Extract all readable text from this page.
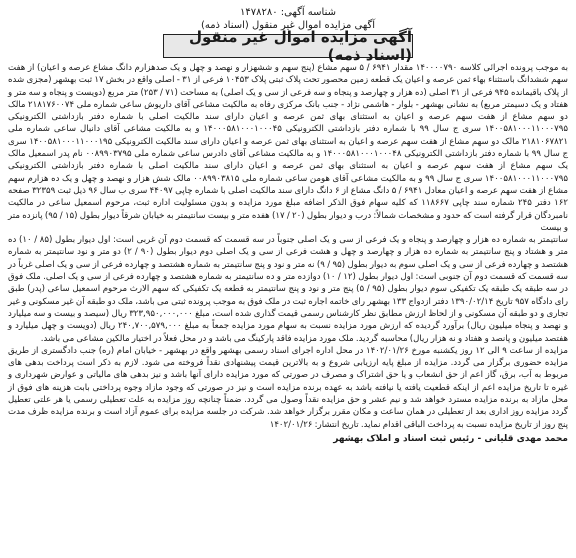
شناسه آگهی: ۱۴۷۸۲۸۰
آگهی مزایده اموال غیر منقول (اسناد ذمه)
آگهی مزایده اموال غیر منقول (اسناد ذمه)

به موجب پرونده اجرائی کلاسه ۱۴۰۰۰۰۷۹۰ مقدار ۶۹۴۱ / ۵ سهم مشاع (پنج سهم و ششهزار و نهصد و چهل و یک صدهزارم دانگ مشاع عرصه و اعیان) از هفت سهم ششدانگ باستثناء بهاء ثمن عرصه و اعیان یک قطعه زمین محصور تحت پلاک ثبتی پلاک ۱۰۴۵۳ فرعی از ۳۱ - اصلی واقع در بخش ۱۷ ثبت بهشهر (مجزی شده از پلاک باقیمانده ۹۴۵ فرعی از ۳۱ اصلی (ده هزار و چهارصد و پنجاه و سه فرعی از سی و یک اصلی) به مساحت (۷۱ / ۲۵۳) متر مربع (دویست و پنجاه و سه متر و هفتاد و یک دسیمتر مربع) به نشانی بهشهر - بلوار - هاشمی نژاد - جنب بانک مرکزی رفاه به مالکیت مشاعی آقای داریوش ساعی شماره ملی ۲۱۸۱۷۶۰۰۷۴ مالک دو سهم مشاع از هفت سهم عرصه و اعیان به استثنای بهای ثمن عرصه و اعیان دارای سند مالکیت اصلی با شماره دفتر بازداشتی الکترونیکی ۱۴۰۰۵۸۱۰۰۰۱۱۰۰۰۷۹۵ سری ج سال ۹۹ با شماره دفتر بازداشتی الکترونیکی ۱۴۰۰۰۵۸۱۰۰۰۱۰۰۰۴۵ و به مالکیت مشاعی آقای دانیال ساعی شماره ملی ۲۱۸۱۰۶۷۸۲۱ مالک دو سهم مشاع از هفت سهم عرصه و اعیان به استثنای بهای ثمن عرصه و اعیان دارای سند مالکیت الکترونیکی ۱۴۰۰۵۸۱۰۰۰۱۱۰۰۰۱۹۵ سری ج سال ۹۹ با شماره دفتر بازداشتی الکترونیکی ۱۴۰۰۰۵۸۱۰۰۰۱۰۰۰۴۸ و به مالکیت مشاعی آقای دادرس ساعی شماره ملی ۰۰۸۹۹۰۳۷۹۵ نام پدر اسمعیل مالک یک سهم مشاع از هفت سهم عرصه و اعیان به استثنای بهای ثمن عرصه و اعیان دارای سند مالکیت اصلی با شماره دفتر بازداشتی الکترونیکی ۱۴۰۰۵۸۱۰۰۰۱۱۰۰۰۷۹۵ سری ج سال ۹۹ و به مالکیت مشاعی آقای هومن ساعی شماره ملی ۰۰۸۹۹۰۳۸۱۵ مالک شش هزار و نهصد و چهل و یک ده هزارم سهم مشاع از هفت سهم عرصه و اعیان معادل ۶۹۴۱ / ۵ دانگ مشاع از ۶ دانگ دارای سند مالکیت اصلی با شماره چاپی ۴۴۰۹۷ سری ب سال ۹۶ ذیل ثبت ۳۲۳۵۹ صفحه ۱۶۲ دفتر ۲۴۵ شماره سند چاپی ۱۱۸۶۶۷ که کلیه سهام فوق الذکر اضافه مبلغ مورد مزایده و بدون مسئولیت اداره ثبت، مرحوم اسمعیل ساعی در مالکیت نامبردگان قرار گرفته است که حدود و مشخصات شمالاً: درب و دیوار بطول (۲۰ / ۱۷) هفده متر و بیست سانتیمتر به خیابان شرقاً دیوار بطول (۱۵ / ۹۵) پانزده متر و بیست

سانتیمتر به شماره ده هزار و چهارصد و پنجاه و یک فرعی از سی و یک اصلی جنوباً در سه قسمت که قسمت دوم آن غربی است: اول دیوار بطول (۸۵ / ۱۰) ده متر و هشتاد و پنج سانتیمتر به شماره ده هزار و چهارصد و چهل و هشت فرعی از سی و یک اصلی دوم دیوار بطول (۹۰ / ۲) دو متر و نود سانتیمتر به شماره هشتصد و چهارده فرعی از سی و یک اصلی سوم به دیوار بطول (۹۵ / ۹) نه متر و نود و پنج سانتیمتر به شماره هشتصد و چهارده فرعی از سی و یک اصلی غرباً در سه قسمت که قسمت دوم آن جنوبی است: اول دیوار بطول (۱۲ / ۱۰) دوازده متر و ده سانتیمتر به شماره هشتصد و چهارده فرعی از سی و یک اصلی. ملک فوق در سه طبقه یک طبقه یک تکفیکی سوم دیوار بطول (۹۵ / ۵) پنج متر و نود و پنج سانتیمتر به قطعه یک تکفیکی که سهم الارث مرحوم اسمعیل ساعی (پدر) طبق رای دادگاه ۹۵۷ تاریخ ۱۳۹۰/۰۲/۱۴ دفتر ازدواج ۱۳۳ بهشهر رای خاتمه اجاره ثبت در ملک فوق به موجب پرونده ثبتی می باشد، ملک دو طبقه آن غیر مسکونی و غیر تجاری و دو طبقه آن مسکونی و از لحاظ ارزش مطابق نظر کارشناس رسمی قیمت گذاری شده است، مبلغ ۳۲۳,۹۵۰,۰۰۰,۰۰۰ ریال (سیصد و بیست و سه میلیارد و نهصد و پنجاه میلیون ریال) برآورد گردیده که ارزش مورد مزایده نسبت به سهام مورد مزایده جمعاً به مبلغ ۲۴۰,۷۰۰,۵۷۹,۰۰۰ ریال (دویست و چهل میلیارد و هفتصد میلیون و پانصد و هفتاد و نه هزار ریال) محاسبه گردید. ملک مورد مزایده فاقد پارکینگ می باشد و در محل فعلاً در اختیار مالکین مشاعی می باشد.

مزایده از ساعت ۹ الی ۱۲ روز یکشنبه مورخ ۱۴۰۲/۰۱/۲۶ در محل اداره اجرای اسناد رسمی بهشهر واقع در بهشهر - خیابان امام (ره) جنب دادگستری از طریق مزایده حضوری برگزار می گردد. مزایده از مبلغ پایه ارزیابی شروع و به بالاترین قیمت پیشنهادی نقداً فروخته می شود. لازم به ذکر است پرداخت بدهی های مربوط به آب، برق، گاز اعم از حق انشعاب و یا حق اشتراک و مصرف در صورتی که مورد مزایده دارای آنها باشد و نیز بدهی های مالیاتی و عوارض شهرداری و غیره تا تاریخ مزایده اعم از اینکه قطعیت یافته یا نیافته باشد به عهده برنده مزایده است و نیز در صورتی که وجود مازاد وجوه پرداختی بابت هزینه های فوق از محل مازاد به برنده مزایده مسترد خواهد شد و نیم عشر و حق مزایده نقداً وصول می گردد. ضمناً چنانچه روز مزایده به علت تعطیلی رسمی یا هر علتی تعطیل گردد مزایده روز اداری بعد از تعطیلی در همان ساعت و مکان مقرر برگزار خواهد شد. شرکت در جلسه مزایده برای عموم آزاد است و برنده مزایده ظرف مدت پنج روز از تاریخ مزایده نسبت به پرداخت الباقی اقدام نماید. تاریخ انتشار: ۱۴۰۲/۰۱/۲۶

محمد مهدی قلیانی - رئیس ثبت اسناد و املاک بهشهر
